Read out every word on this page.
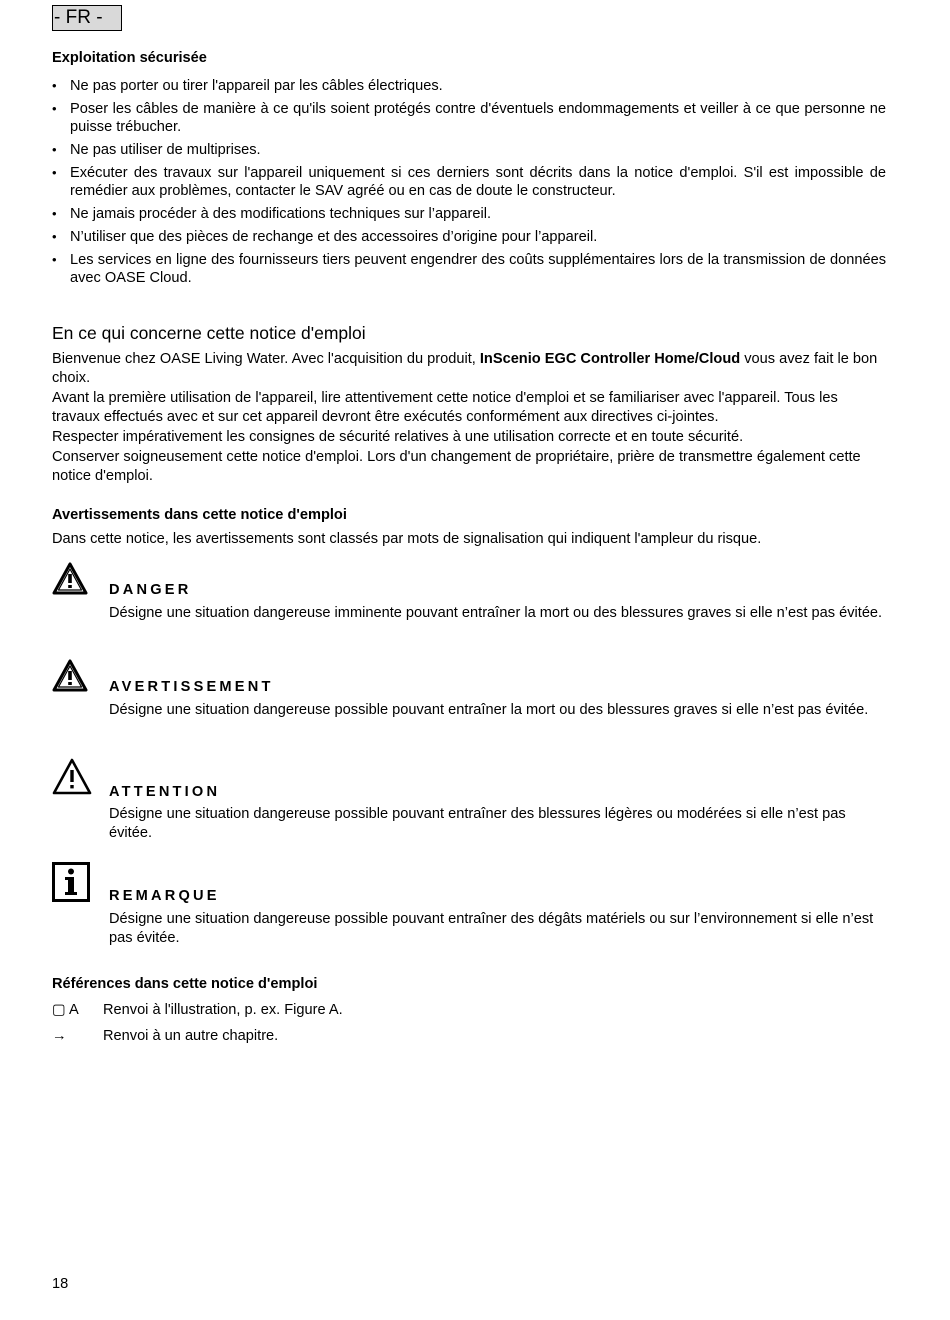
- FR -
Exploitation sécurisée
• Ne pas porter ou tirer l'appareil par les câbles électriques.
• Poser les câbles de manière à ce qu'ils soient protégés contre d'éventuels endommagements et veiller à ce que personne ne puisse trébucher.
• Ne pas utiliser de multiprises.
• Exécuter des travaux sur l'appareil uniquement si ces derniers sont décrits dans la notice d'emploi. S'il est impossible de remédier aux problèmes, contacter le SAV agréé ou en cas de doute le constructeur.
• Ne jamais procéder à des modifications techniques sur l’appareil.
• N’utiliser que des pièces de rechange et des accessoires d’origine pour l’appareil.
• Les services en ligne des fournisseurs tiers peuvent engendrer des coûts supplémentaires lors de la transmission de données avec OASE Cloud.
En ce qui concerne cette notice d'emploi

Bienvenue chez OASE Living Water. Avec l'acquisition du produit, InScenio EGC Controller Home/Cloud vous avez fait le bon choix.

Avant la première utilisation de l'appareil, lire attentivement cette notice d'emploi et se familiariser avec l'appareil. Tous les travaux effectués avec et sur cet appareil devront être exécutés conformément aux directives ci-jointes.

Respecter impérativement les consignes de sécurité relatives à une utilisation correcte et en toute sécurité.

Conserver soigneusement cette notice d'emploi. Lors d'un changement de propriétaire, prière de transmettre également cette notice d'emploi.

Avertissements dans cette notice d'emploi

Dans cette notice, les avertissements sont classés par mots de signalisation qui indiquent l'ampleur du risque.

DANGER
Désigne une situation dangereuse imminente pouvant entraîner la mort ou des blessures graves si elle n’est pas évitée.
AVERTISSEMENT
Désigne une situation dangereuse possible pouvant entraîner la mort ou des blessures graves si elle n’est pas évitée.
ATTENTION
Désigne une situation dangereuse possible pouvant entraîner des blessures légères ou modérées si elle n’est pas évitée.
REMARQUE
Désigne une situation dangereuse possible pouvant entraîner des dégâts matériels ou sur l’environnement si elle n’est pas évitée.
Références dans cette notice d'emploi
▢ A Renvoi à l'illustration, p. ex. Figure A.
→ Renvoi à un autre chapitre.
18
